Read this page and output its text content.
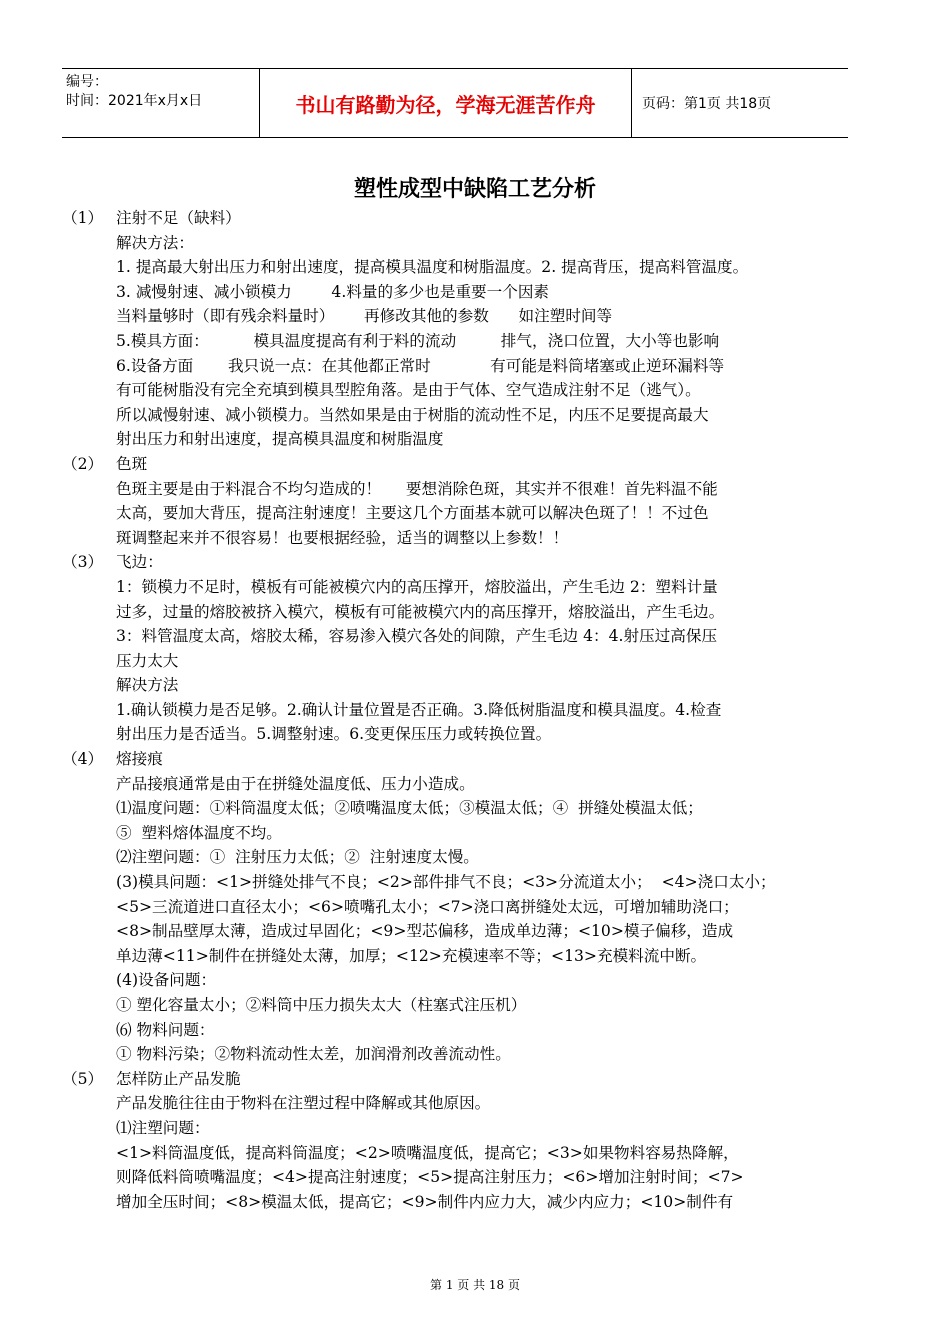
编号：
时间：2021年x月x日	书山有路勤为径，学海无涯苦作舟	页码：第1页 共18页
塑性成型中缺陷工艺分析
（1） 注射不足（缺料）
解决方法：
1. 提高最大射出压力和射出速度，提高模具温度和树脂温度。2. 提高背压，提高料管温度。
3. 减慢射速、减小锁模力        4.料量的多少也是重要一个因素
当料量够时（即有残余料量时）      再修改其他的参数      如注塑时间等
5.模具方面：         模具温度提高有利于料的流动         排气，浇口位置，大小等也影响
6.设备方面       我只说一点：在其他都正常时            有可能是料筒堵塞或止逆环漏料等
有可能树脂没有完全充填到模具型腔角落。是由于气体、空气造成注射不足（逃气）。
所以减慢射速、减小锁模力。当然如果是由于树脂的流动性不足，内压不足要提高最大
射出压力和射出速度，提高模具温度和树脂温度
（2） 色斑
色斑主要是由于料混合不均匀造成的！     要想消除色斑，其实并不很难！首先料温不能
太高，要加大背压，提高注射速度！主要这几个方面基本就可以解决色斑了！！不过色
斑调整起来并不很容易！也要根据经验，适当的调整以上参数！！
（3） 飞边：
1：锁模力不足时，模板有可能被模穴内的高压撑开，熔胶溢出，产生毛边 2：塑料计量
过多，过量的熔胶被挤入模穴，模板有可能被模穴内的高压撑开，熔胶溢出，产生毛边。
3：料管温度太高，熔胶太稀，容易渗入模穴各处的间隙，产生毛边 4：4.射压过高保压
压力太大
解决方法
1.确认锁模力是否足够。2.确认计量位置是否正确。3.降低树脂温度和模具温度。4.检查
射出压力是否适当。5.调整射速。6.变更保压压力或转换位置。
（4） 熔接痕
产品接痕通常是由于在拼缝处温度低、压力小造成。
⑴温度问题：①料筒温度太低；②喷嘴温度太低；③模温太低；④  拼缝处模温太低；
⑤  塑料熔体温度不均。
⑵注塑问题：①  注射压力太低；②  注射速度太慢。
(3)模具问题：<1>拼缝处排气不良；<2>部件排气不良；<3>分流道太小；  <4>浇口太小；
<5>三流道进口直径太小；<6>喷嘴孔太小；<7>浇口离拼缝处太远，可增加辅助浇口；
<8>制品壁厚太薄，造成过早固化；<9>型芯偏移，造成单边薄；<10>模子偏移，造成
单边薄<11>制件在拼缝处太薄，加厚；<12>充模速率不等；<13>充模料流中断。
(4)设备问题：
① 塑化容量太小；②料筒中压力损失太大（柱塞式注压机）
⑹ 物料问题：
① 物料污染；②物料流动性太差，加润滑剂改善流动性。
（5） 怎样防止产品发脆
产品发脆往往由于物料在注塑过程中降解或其他原因。
⑴注塑问题：
<1>料筒温度低，提高料筒温度；<2>喷嘴温度低，提高它；<3>如果物料容易热降解，
则降低料筒喷嘴温度；<4>提高注射速度；<5>提高注射压力；<6>增加注射时间；<7>
增加全压时间；<8>模温太低，提高它；<9>制件内应力大，减少内应力；<10>制件有
第 1 页 共 18 页
